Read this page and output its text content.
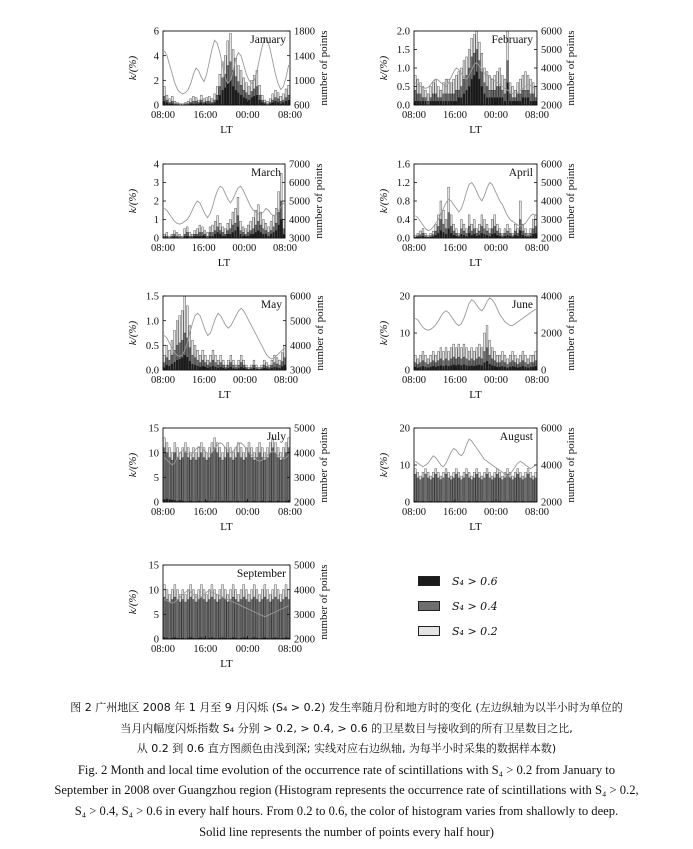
January
0
2
4
6
600
1000
1400
1800
08:00 16:00 00:00 08:00
LT
k/(%)	number of points	February
0.0
0.5
1.0
1.5
2.0
2000
3000
4000
5000
6000
08:00 16:00 00:00 08:00
LT
k/(%)	number of points
March
0
1
2
3
4
3000
4000
5000
6000
7000
08:00 16:00 00:00 08:00
LT
k/(%)	number of points	April
0.0
0.4
0.8
1.2
1.6
2000
3000
4000
5000
6000
08:00 16:00 00:00 08:00
LT
k/(%)	number of points
May
0.0
0.5
1.0
1.5
3000
4000
5000
6000
08:00 16:00 00:00 08:00
LT
k/(%)	number of points	June
0
10
20
0
2000
4000
08:00 16:00 00:00 08:00
LT
k/(%)	number of points
July
0
5
10
15
2000
3000
4000
5000
08:00 16:00 00:00 08:00
LT
k/(%)	number of points	August
0
10
20
2000
4000
6000
08:00 16:00 00:00 08:00
LT
k/(%)	number of points
September
0
5
10
15
2000
3000
4000
5000
08:00 16:00 00:00 08:00
LT
k/(%)	number of points	S₄ > 0.6
S₄ > 0.4
S₄ > 0.2
图 2 广州地区 2008 年 1 月至 9 月闪烁 (S₄ > 0.2) 发生率随月份和地方时的变化 (左边纵轴为以半小时为单位的
当月内幅度闪烁指数 S₄ 分别 > 0.2, > 0.4, > 0.6 的卫星数目与接收到的所有卫星数目之比,
从 0.2 到 0.6 直方图颜色由浅到深; 实线对应右边纵轴, 为每半小时采集的数据样本数)
Fig. 2 Month and local time evolution of the occurrence rate of scintillations with S₄ > 0.2 from January to
September in 2008 over Guangzhou region (Histogram represents the occurrence rate of scintillations with S₄ > 0.2,
S₄ > 0.4, S₄ > 0.6 in every half hours. From 0.2 to 0.6, the color of histogram varies from shallowly to deep.
Solid line represents the number of points every half hour)
